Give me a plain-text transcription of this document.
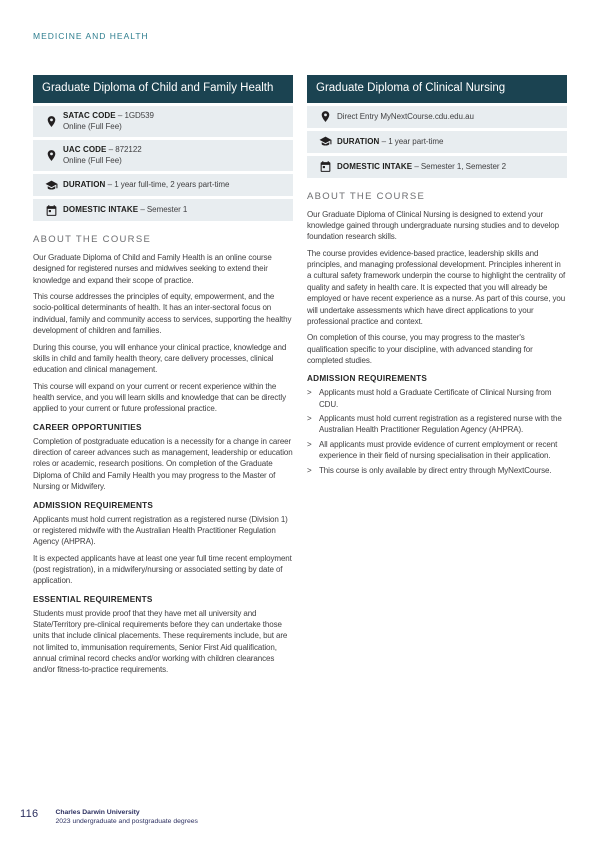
MEDICINE AND HEALTH
Graduate Diploma of Child and Family Health
SATAC CODE – 1GD539
Online (Full Fee)
UAC CODE – 872122
Online (Full Fee)
DURATION – 1 year full-time, 2 years part-time
DOMESTIC INTAKE – Semester 1
ABOUT THE COURSE

Our Graduate Diploma of Child and Family Health is an online course designed for registered nurses and midwives seeking to extend their knowledge and expand their scope of practice.

This course addresses the principles of equity, empowerment, and the socio-political determinants of health. It has an inter-sectoral focus on individual, family and community access to services, supporting the healthy development of children and families.

During this course, you will enhance your clinical practice, knowledge and skills in child and family health theory, care delivery processes, clinical education and clinical management.

This course will expand on your current or recent experience within the health service, and you will learn skills and knowledge that can be directly applied to your current or future professional practice.

CAREER OPPORTUNITIES

Completion of postgraduate education is a necessity for a change in career direction of career advances such as management, leadership or education roles or academic, research positions. On completion of the Graduate Diploma of Child and Family Health you may progress to the Master of Nursing or Midwifery.

ADMISSION REQUIREMENTS

Applicants must hold current registration as a registered nurse (Division 1) or registered midwife with the Australian Health Practitioner Regulation Agency (AHPRA).

It is expected applicants have at least one year full time recent employment (post registration), in a midwifery/nursing or associated setting by date of application.

ESSENTIAL REQUIREMENTS

Students must provide proof that they have met all university and State/Territory pre-clinical requirements before they can undertake those units that include clinical placements. These requirements include, but are not limited to, immunisation requirements, Senior First Aid qualification, annual criminal record checks and/or working with children clearances and/or fitness-to-practice requirements.

Graduate Diploma of Clinical Nursing
Direct Entry MyNextCourse.cdu.edu.au
DURATION – 1 year part-time
DOMESTIC INTAKE – Semester 1, Semester 2
ABOUT THE COURSE

Our Graduate Diploma of Clinical Nursing is designed to extend your knowledge gained through undergraduate nursing studies and to develop foundation research skills.

The course provides evidence-based practice, leadership skills and principles, and managing professional development. Principles inherent in a cultural safety framework underpin the course to highlight the centrality of quality and safety in health care. It is expected that you will already be employed or have recent experience as a nurse. As part of this course, you will undertake assessments which have direct applications to your professional practice and context.

On completion of this course, you may progress to the master's qualification specific to your discipline, with advanced standing for completed studies.

ADMISSION REQUIREMENTS
> Applicants must hold a Graduate Certificate of Clinical Nursing from CDU.
> Applicants must hold current registration as a registered nurse with the Australian Health Practitioner Regulation Agency (AHPRA).
> All applicants must provide evidence of current employment or recent experience in their field of nursing specialisation in their application.
> This course is only available by direct entry through MyNextCourse.
116	Charles Darwin University
2023 undergraduate and postgraduate degrees
